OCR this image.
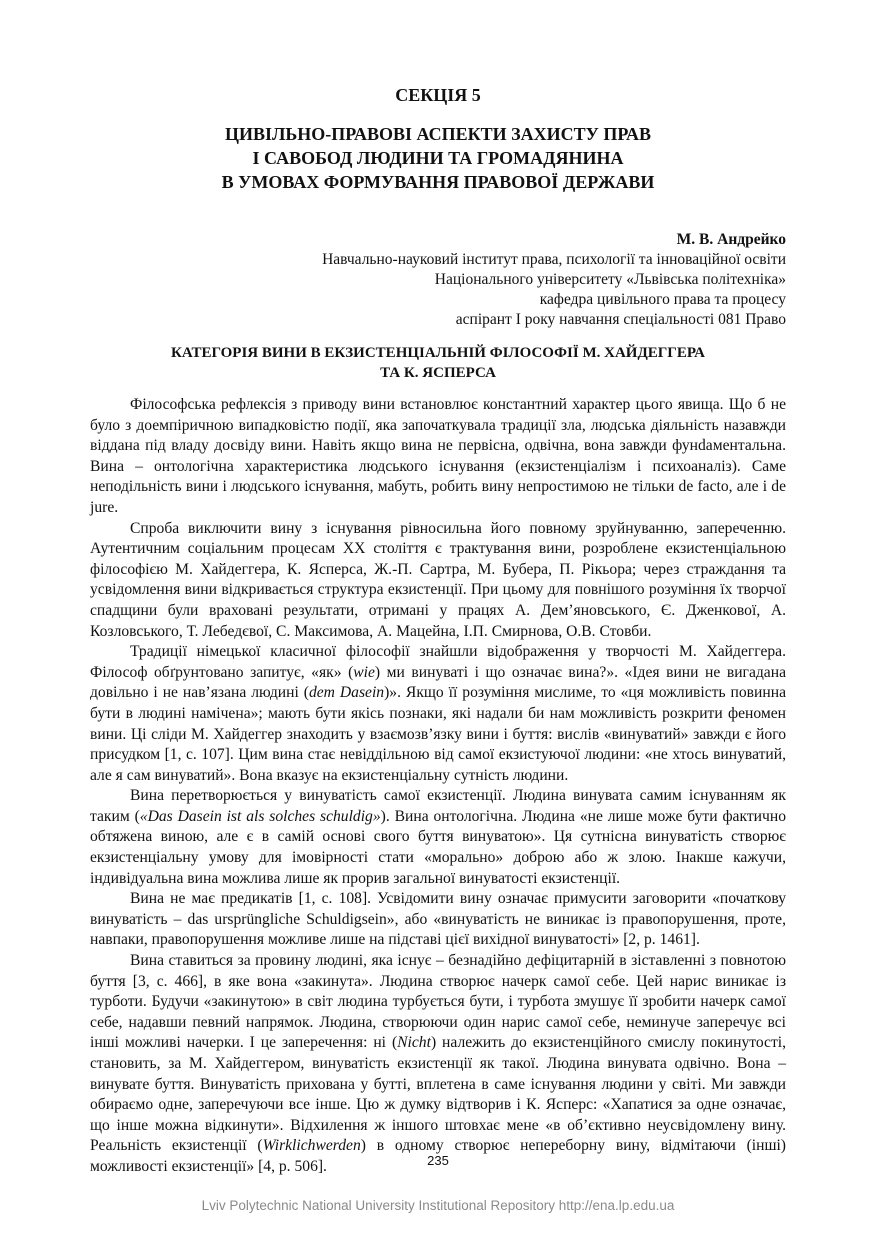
СЕКЦІЯ 5
ЦИВІЛЬНО-ПРАВОВІ АСПЕКТИ ЗАХИСТУ ПРАВ
І САВОБОД ЛЮДИНИ ТА ГРОМАДЯНИНА
В УМОВАХ ФОРМУВАННЯ ПРАВОВОЇ ДЕРЖАВИ
М. В. Андрейко
Навчально-науковий інститут права, психології та інноваційної освіти
Національного університету «Львівська політехніка»
кафедра цивільного права та процесу
аспірант І року навчання спеціальності 081 Право
КАТЕГОРІЯ ВИНИ В ЕКЗИСТЕНЦІАЛЬНІЙ ФІЛОСОФІЇ М. ХАЙДЕГГЕРА
ТА К. ЯСПЕРСА

Філософська рефлексія з приводу вини встановлює константний характер цього явища. Що б не було з доемпіричною випадковістю події, яка започаткувала традиції зла, людська діяльність назавжди віддана під владу досвіду вини. Навіть якщо вина не первісна, одвічна, вона завжди фунdаментальна. Вина – онтологічна характеристика людського існування (екзистенціалізм і психоаналіз). Саме неподільність вини і людського існування, мабуть, робить вину непростимою не тільки de facto, але і de jure.

Спроба виключити вину з існування рівносильна його повному зруйнуванню, запереченню. Аутентичним соціальним процесам ХХ століття є трактування вини, розроблене екзистенціальною філософією М. Хайдеггера, К. Ясперса, Ж.-П. Сартра, М. Бубера, П. Рікьора; через страждання та усвідомлення вини відкривається структура екзистенції. При цьому для повнішого розуміння їх творчої спадщини були враховані результати, отримані у працях А. Дем’яновського, Є. Дженкової, А. Козловського, Т. Лебедєвої, С. Максимова, А. Мацейна, І.П. Смирнова, О.В. Стовби.

Традиції німецької класичної філософії знайшли відображення у творчості М. Хайдеггера. Філософ обґрунтовано запитує, «як» (wie) ми винуваті і що означає вина?». «Ідея вини не вигадана довільно і не нав’язана людині (dem Dasein)». Якщо її розуміння мислиме, то «ця можливість повинна бути в людині намічена»; мають бути якісь познаки, які надали би нам можливість розкрити феномен вини. Ці сліди М. Хайдеггер знаходить у взаємозв’язку вини і буття: вислів «винуватий» завжди є його присудком [1, с. 107]. Цим вина стає невіддільною від самої екзистуючої людини: «не хтось винуватий, але я сам винуватий». Вона вказує на екзистенціальну сутність людини.

Вина перетворюється у винуватість самої екзистенції. Людина винувата самим існуванням як таким («Das Dasein ist als solches schuldig»). Вина онтологічна. Людина «не лише може бути фактично обтяжена виною, але є в самій основі свого буття винуватою». Ця сутнісна винуватість створює екзистенціальну умову для імовірності стати «морально» доброю або ж злою. Інакше кажучи, індивідуальна вина можлива лише як прорив загальної винуватості екзистенції.

Вина не має предикатів [1, с. 108]. Усвідомити вину означає примусити заговорити «початкову винуватість – das ursprüngliche Schuldigsein», або «винуватість не виникає із правопорушення, проте, навпаки, правопорушення можливе лише на підставі цієї вихідної винуватості» [2, р. 1461].

Вина ставиться за провину людині, яка існує – безнадійно дефіцитарній в зіставленні з повнотою буття [3, с. 466], в яке вона «закинута». Людина створює начерк самої себе. Цей нарис виникає із турботи. Будучи «закинутою» в світ людина турбується бути, і турбота змушує її зробити начерк самої себе, надавши певний напрямок. Людина, створюючи один нарис самої себе, неминуче заперечує всі інші можливі начерки. І це заперечення: ні (Nicht) належить до екзистенційного смислу покинутості, становить, за М. Хайдеггером, винуватість екзистенції як такої. Людина винувата одвічно. Вона – винувате буття. Винуватість прихована у бутті, вплетена в саме існування людини у світі. Ми завжди обираємо одне, заперечуючи все інше. Цю ж думку відтворив і К. Ясперс: «Хапатися за одне означає, що інше можна відкинути». Відхилення ж іншого штовхає мене «в об’єктивно неусвідомлену вину. Реальність екзистенції (Wirklichwerden) в одному створює непереборну вину, відмітаючи (інші) можливості екзистенції» [4, р. 506].	235
Lviv Polytechnic National University Institutional Repository http://ena.lp.edu.ua
